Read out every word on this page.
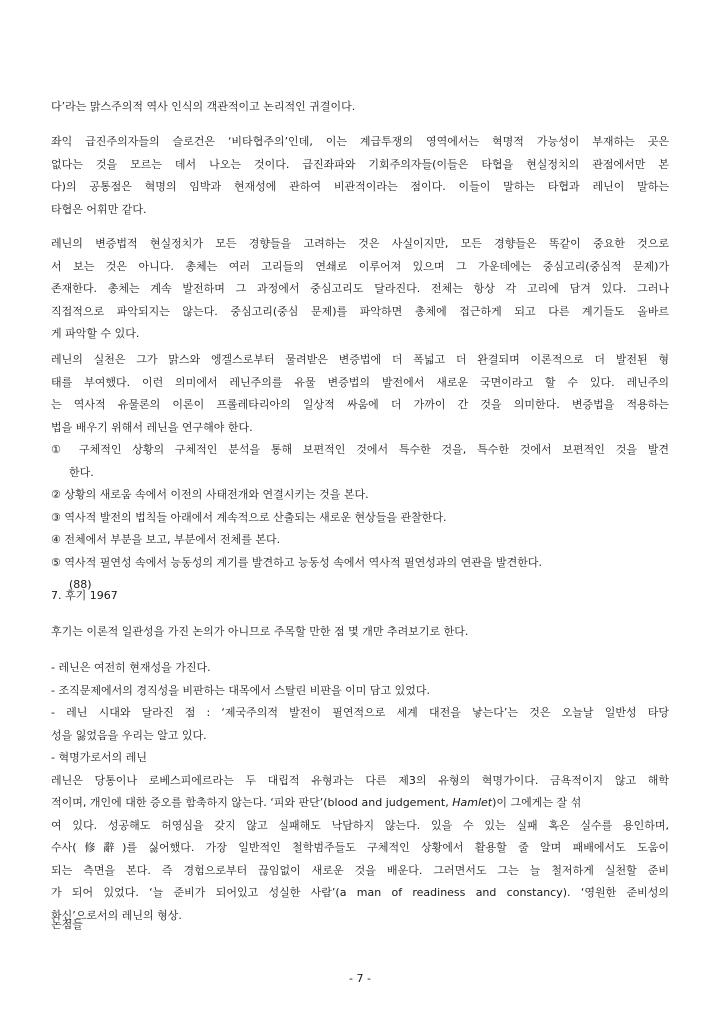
다’라는 맑스주의적 역사 인식의 객관적이고 논리적인 귀결이다.
좌익 급진주의자들의 슬로건은 ‘비타협주의’인데, 이는 계급투쟁의 영역에서는 혁명적 가능성이 부재하는 곳은
없다는 것을 모르는 데서 나오는 것이다. 급진좌파와 기회주의자들(이들은 타협을 현실정치의 관점에서만 본
다)의 공통점은 혁명의 임박과 현재성에 관하여 비관적이라는 점이다. 이들이 말하는 타협과 레닌이 말하는
타협은 어휘만 같다.
레닌의 변증법적 현실정치가 모든 경향들을 고려하는 것은 사실이지만, 모든 경향들은 똑같이 중요한 것으로
서 보는 것은 아니다. 총체는 여러 고리들의 연쇄로 이루어져 있으며 그 가운데에는 중심고리(중심적 문제)가
존재한다. 총체는 계속 발전하며 그 과정에서 중심고리도 달라진다. 전체는 항상 각 고리에 담겨 있다. 그러나
직접적으로 파악되지는 않는다. 중심고리(중심 문제)를 파악하면 총체에 접근하게 되고 다른 계기들도 올바르
게 파악할 수 있다.
레닌의 실천은 그가 맑스와 엥겔스로부터 물려받은 변증법에 더 폭넓고 더 완결되며 이론적으로 더 발전된 형
태를 부여했다. 이런 의미에서 레닌주의를 유물 변증법의 발전에서 새로운 국면이라고 할 수 있다. 레닌주의
는 역사적 유물론의 이론이 프롤레타리아의 일상적 싸움에 더 가까이 간 것을 의미한다. 변증법을 적용하는
법을 배우기 위해서 레닌을 연구해야 한다.
① 구체적인 상황의 구체적인 분석을 통해 보편적인 것에서 특수한 것을, 특수한 것에서 보편적인 것을 발견
한다.
② 상황의 새로움 속에서 이전의 사태전개와 연결시키는 것을 본다.
③ 역사적 발전의 법칙들 아래에서 계속적으로 산출되는 새로운 현상들을 관찰한다.
④ 전체에서 부분을 보고, 부분에서 전체를 본다.
⑤ 역사적 필연성 속에서 능동성의 계기를 발견하고 능동성 속에서 역사적 필연성과의 연관을 발견한다.
(88)
7. 후기 1967
후기는 이론적 일관성을 가진 논의가 아니므로 주목할 만한 점 몇 개만 추려보기로 한다.
- 레닌은 여전히 현재성을 가진다.
- 조직문제에서의 경직성을 비판하는 대목에서 스탈린 비판을 이미 담고 있었다.
- 레닌 시대와 달라진 점 : ‘제국주의적 발전이 필연적으로 세계 대전을 낳는다’는 것은 오늘날 일반성 타당
성을 잃었음을 우리는 알고 있다.
- 혁명가로서의 레닌
레닌은 당통이나 로베스피에르라는 두 대립적 유형과는 다른 제3의 유형의 혁명가이다. 금욕적이지 않고 해학
적이며, 개인에 대한 증오를 함축하지 않는다. ‘피와 판단’(blood and judgement, Hamlet)이 그에게는 잘 섞
여 있다. 성공해도 허영심을 갖지 않고 실패해도 낙담하지 않는다. 있을 수 있는 실패 혹은 실수를 용인하며,
수사(修辭)를 싫어했다. 가장 일반적인 철학범주들도 구체적인 상황에서 활용할 줄 알며 패배에서도 도움이
되는 측면을 본다. 즉 경험으로부터 끊임없이 새로운 것을 배운다. 그러면서도 그는 늘 철저하게 실천할 준비
가 되어 있었다. ‘늘 준비가 되어있고 성실한 사람’(a man of readiness and constancy). ‘영원한 준비성의
화신’으로서의 레닌의 형상.
논점들
- 7 -
